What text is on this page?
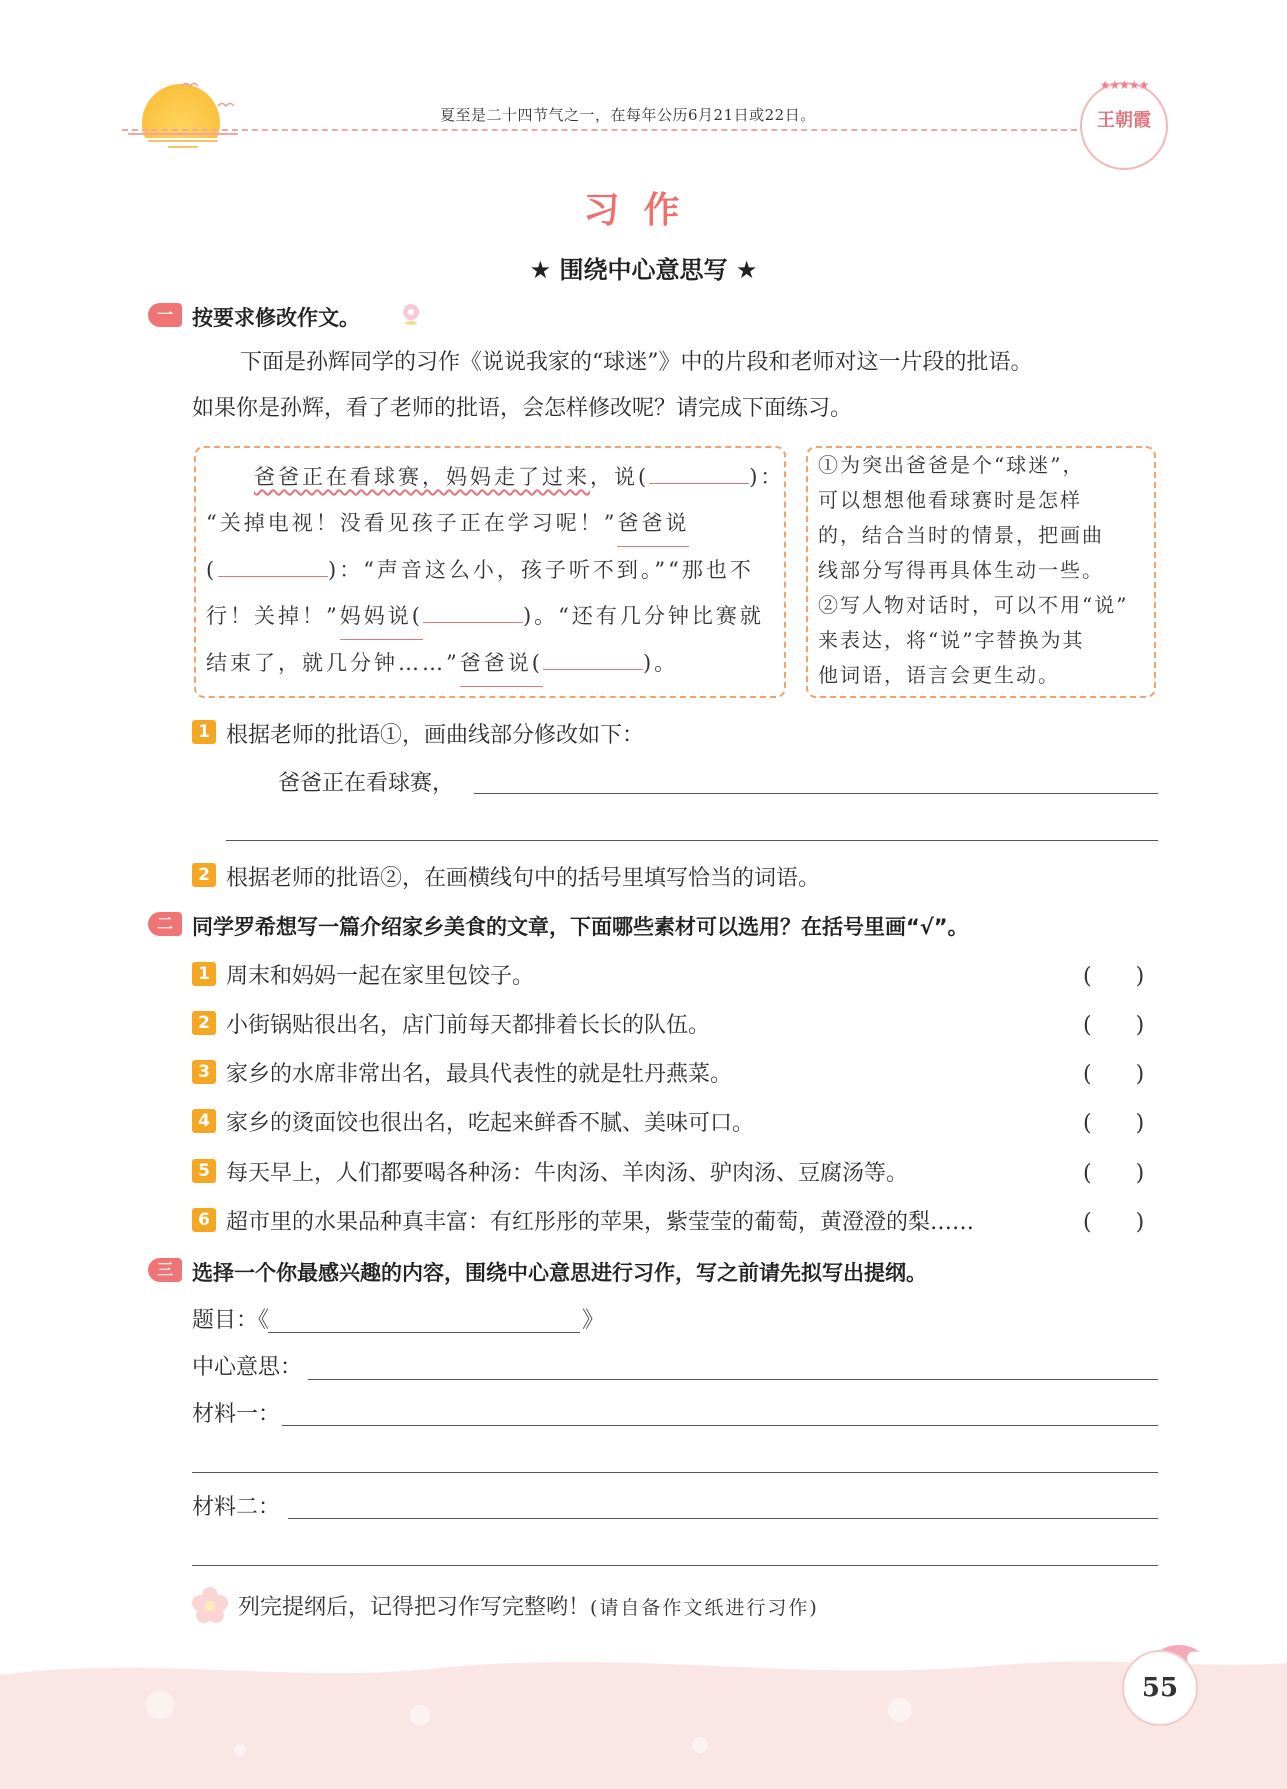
夏至是二十四节气之一，在每年公历6月21日或22日。
★★★★★
王朝霞
习作
★ 围绕中心意思写 ★
一 按要求修改作文。
下面是孙辉同学的习作《说说我家的“球迷”》中的片段和老师对这一片段的批语。
如果你是孙辉，看了老师的批语，会怎样修改呢？请完成下面练习。
爸爸正在看球赛，妈妈走了过来，说(	)：
“关掉电视！没看见孩子正在学习呢！”爸爸说
(	)：“声音这么小，孩子听不到。”“那也不
行！关掉！”妈妈说(	)。“还有几分钟比赛就
结束了，就几分钟……”爸爸说(	)。
①为突出爸爸是个“球迷”，
可以想想他看球赛时是怎样
的，结合当时的情景，把画曲
线部分写得再具体生动一些。
②写人物对话时，可以不用“说”
来表达，将“说”字替换为其
他词语，语言会更生动。
1 根据老师的批语①，画曲线部分修改如下：
爸爸正在看球赛，
2 根据老师的批语②，在画横线句中的括号里填写恰当的词语。
二 同学罗希想写一篇介绍家乡美食的文章，下面哪些素材可以选用？在括号里画“√”。
1 周末和妈妈一起在家里包饺子。	(　　)
2 小街锅贴很出名，店门前每天都排着长长的队伍。	(　　)
3 家乡的水席非常出名，最具代表性的就是牡丹燕菜。	(　　)
4 家乡的烫面饺也很出名，吃起来鲜香不腻、美味可口。	(　　)
5 每天早上，人们都要喝各种汤：牛肉汤、羊肉汤、驴肉汤、豆腐汤等。	(　　)
6 超市里的水果品种真丰富：有红彤彤的苹果，紫莹莹的葡萄，黄澄澄的梨……	(　　)
三 选择一个你最感兴趣的内容，围绕中心意思进行习作，写之前请先拟写出提纲。
题目：《	》
中心意思：
材料一：
材料二：
列完提纲后，记得把习作写完整哟！(请自备作文纸进行习作)
55
